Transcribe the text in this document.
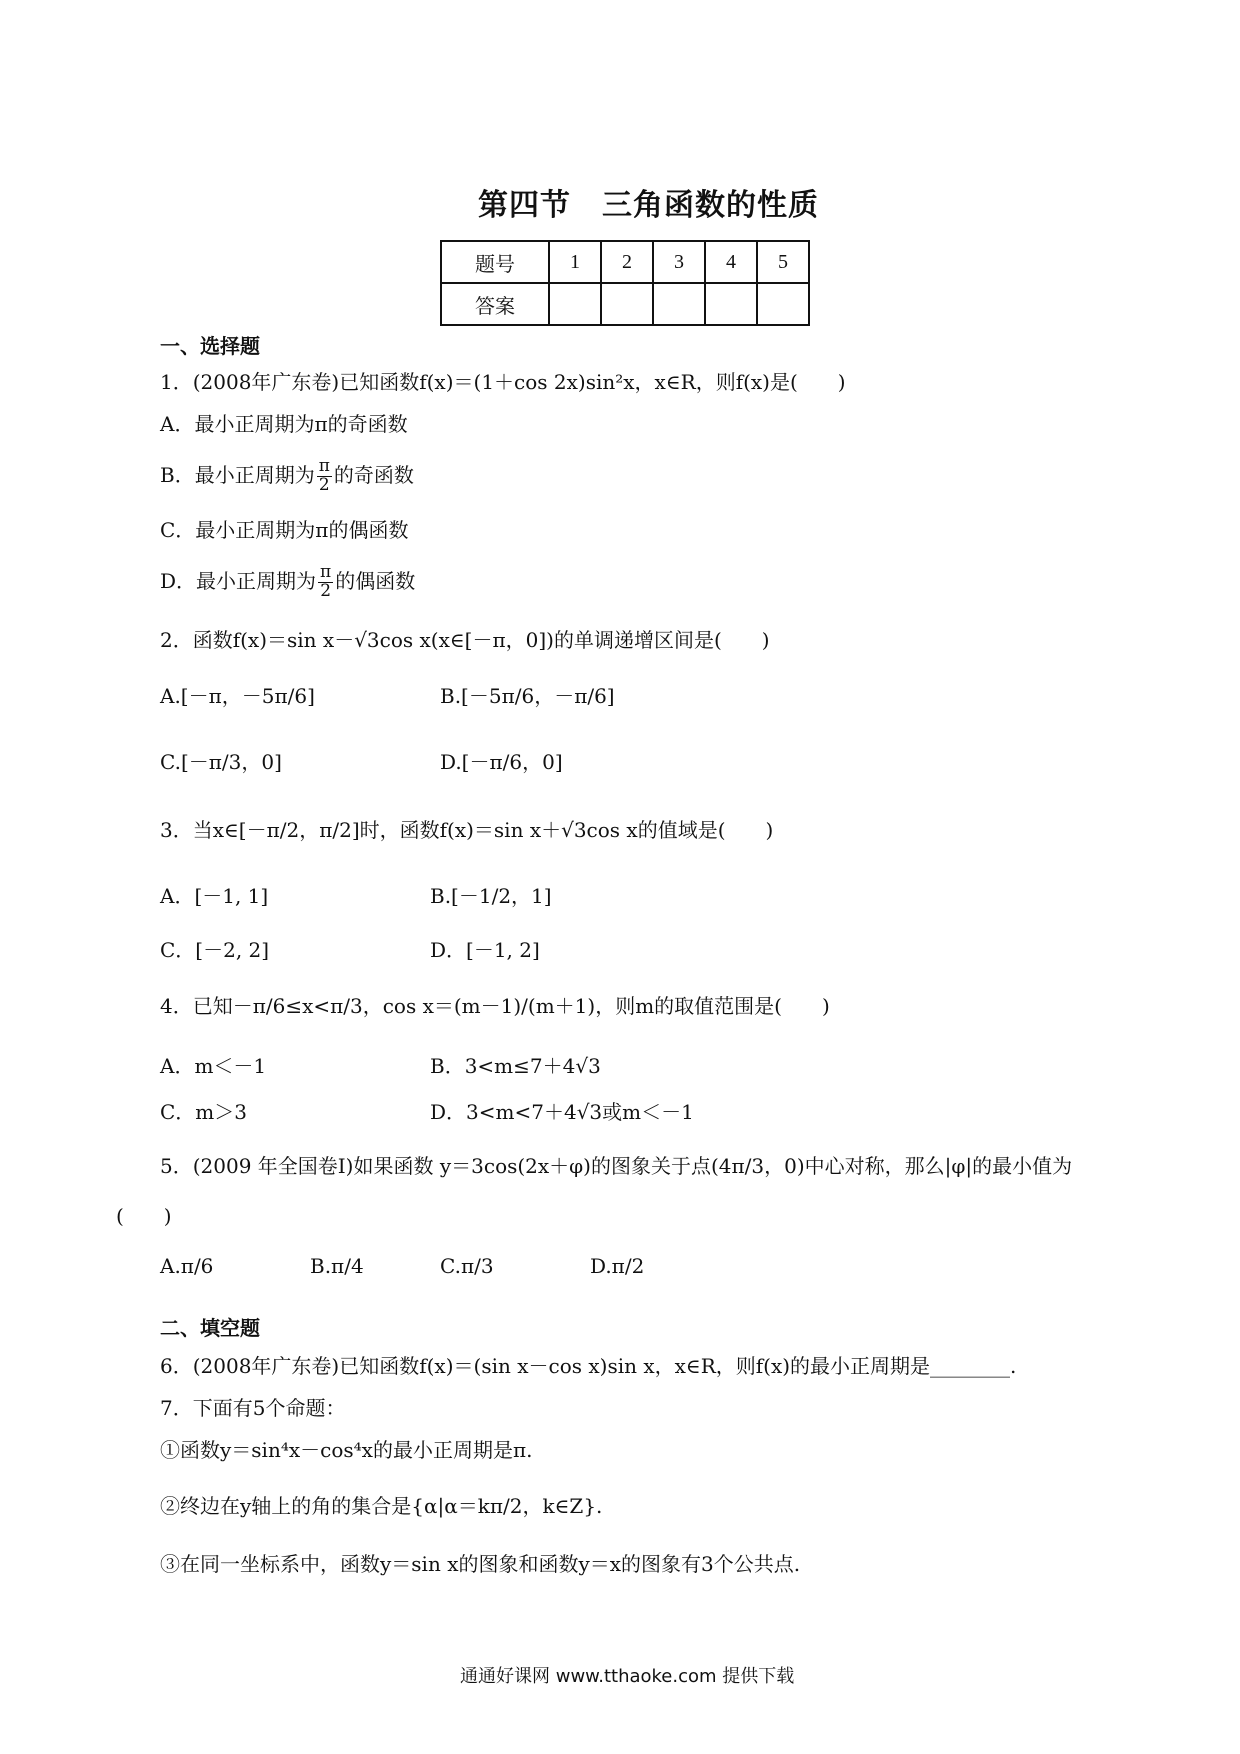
第四节　三角函数的性质
题号	1	2	3	4	5
答案					
一、选择题
1．(2008年广东卷)已知函数f(x)＝(1＋cos 2x)sin²x，x∈R，则f(x)是(　　)
A．最小正周期为π的奇函数
B．最小正周期为 $\frac{\pi}{2}$ 的奇函数
C．最小正周期为π的偶函数
D．最小正周期为 $\frac{\pi}{2}$ 的偶函数
2．函数f(x)＝sin x－√3cos x(x∈[－π，0])的单调递增区间是(　　)
A.[－π，－5π/6]	B.[－5π/6，－π/6]
C.[－π/3，0]	D.[－π/6，0]
3．当x∈[－π/2，π/2]时，函数f(x)＝sin x＋√3cos x的值域是(　　)
A．[－1, 1]	B.[－1/2，1]
C．[－2, 2]	D．[－1, 2]
4．已知－π/6≤x<π/3，cos x＝(m－1)/(m＋1)，则m的取值范围是(　　)
A．m＜－1	B．3<m≤7＋4√3
C．m＞3	D．3<m<7＋4√3或m＜－1
5．(2009 年全国卷Ⅰ)如果函数 y＝3cos(2x＋φ)的图象关于点(4π/3，0)中心对称，那么|φ|的最小值为
(　　)
A.π/6	B.π/4	C.π/3	D.π/2
二、填空题
6．(2008年广东卷)已知函数f(x)＝(sin x－cos x)sin x，x∈R，则f(x)的最小正周期是________.
7．下面有5个命题：
①函数y＝sin⁴x－cos⁴x的最小正周期是π.
②终边在y轴上的角的集合是{α|α＝kπ/2，k∈Z}.
③在同一坐标系中，函数y＝sin x的图象和函数y＝x的图象有3个公共点.
通通好课网 www.tthaoke.com 提供下载
